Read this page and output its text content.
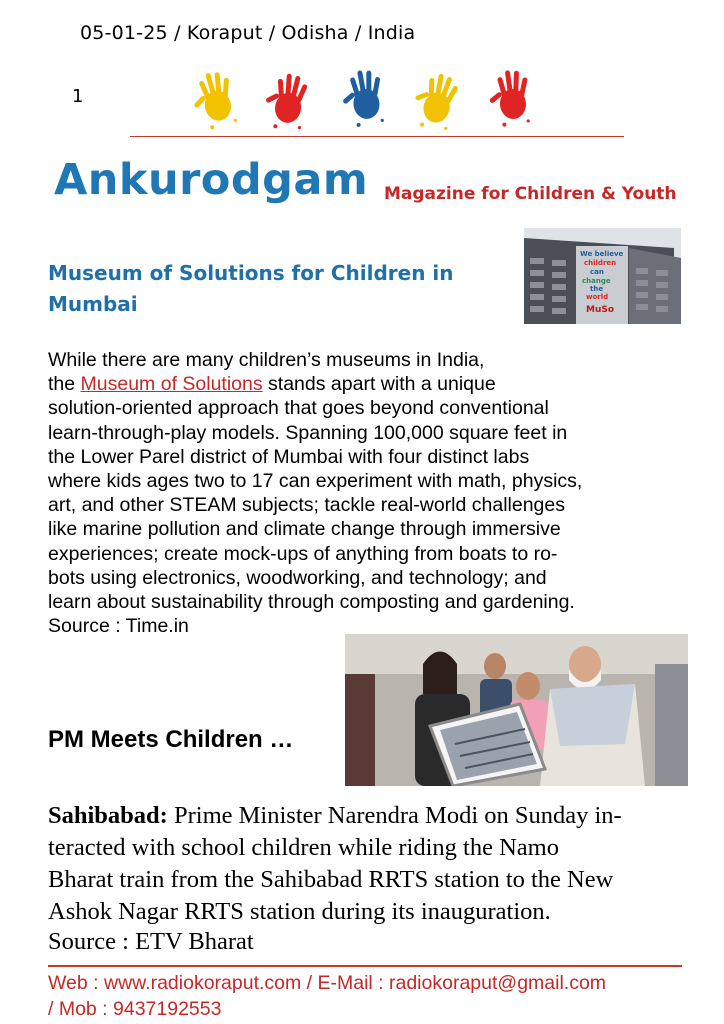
05-01-25 / Koraput / Odisha / India
1
Ankurodgam Magazine for Children & Youth
Museum of Solutions for Children in
Mumbai
We believe
children
can
change
the
world
MuSo
While there are many children’s museums in India,
the Museum of Solutions stands apart with a unique
solution-oriented approach that goes beyond conventional
learn-through-play models. Spanning 100,000 square feet in
the Lower Parel district of Mumbai with four distinct labs
where kids ages two to 17 can experiment with math, physics,
art, and other STEAM subjects; tackle real-world challenges
like marine pollution and climate change through immersive
experiences; create mock-ups of anything from boats to ro-
bots using electronics, woodworking, and technology; and
learn about sustainability through composting and gardening.
Source : Time.in
PM Meets Children …
Sahibabad: Prime Minister Narendra Modi on Sunday in-
teracted with school children while riding the Namo
Bharat train from the Sahibabad RRTS station to the New
Ashok Nagar RRTS station during its inauguration.
Source : ETV Bharat
Web : www.radiokoraput.com / E-Mail : radiokoraput@gmail.com
/ Mob : 9437192553
